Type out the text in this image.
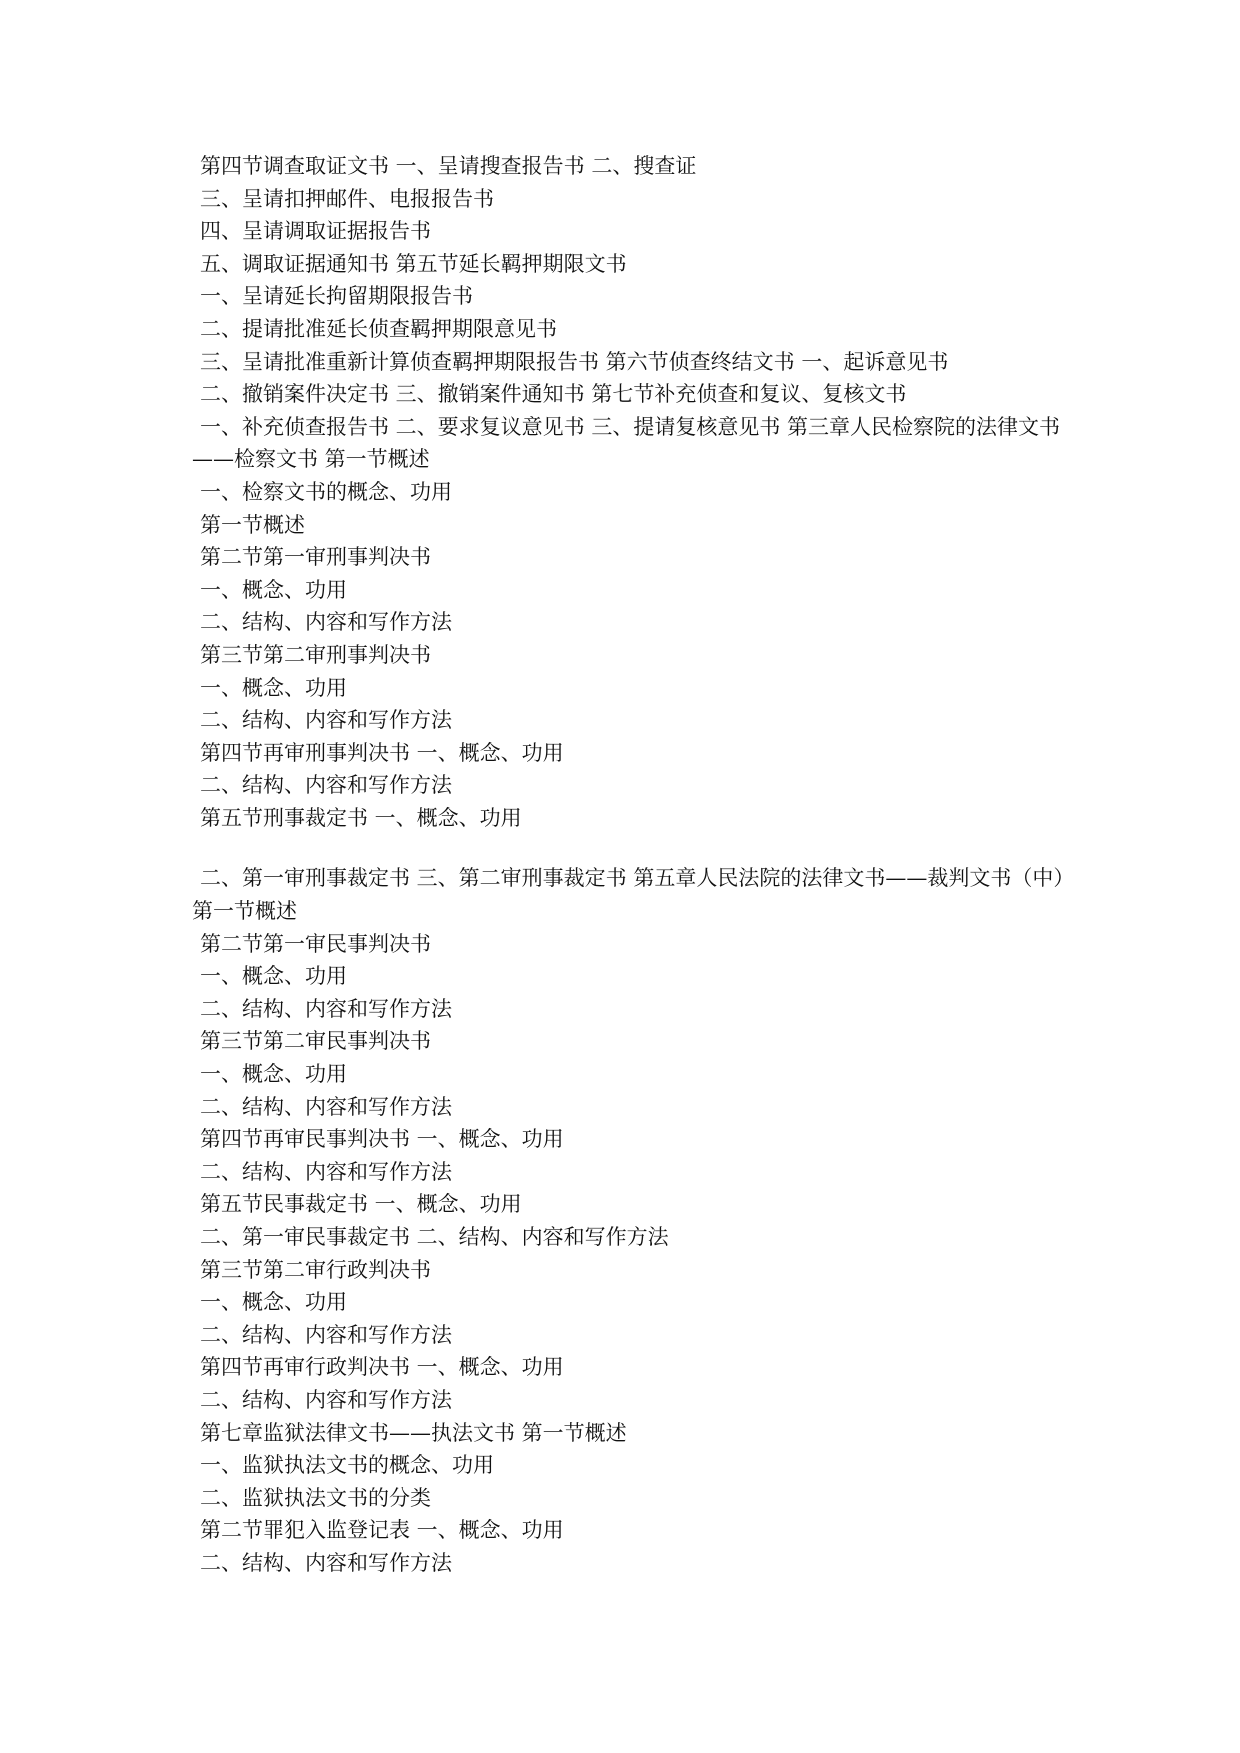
第四节调查取证文书 一、呈请搜查报告书 二、搜查证
三、呈请扣押邮件、电报报告书
四、呈请调取证据报告书
五、调取证据通知书 第五节延长羁押期限文书
一、呈请延长拘留期限报告书
二、提请批准延长侦查羁押期限意见书
三、呈请批准重新计算侦查羁押期限报告书 第六节侦查终结文书 一、起诉意见书
二、撤销案件决定书 三、撤销案件通知书 第七节补充侦查和复议、复核文书
一、补充侦查报告书 二、要求复议意见书 三、提请复核意见书 第三章人民检察院的法律文书——检察文书 第一节概述
一、检察文书的概念、功用
第一节概述
第二节第一审刑事判决书
一、概念、功用
二、结构、内容和写作方法
第三节第二审刑事判决书
一、概念、功用
二、结构、内容和写作方法
第四节再审刑事判决书 一、概念、功用
二、结构、内容和写作方法
第五节刑事裁定书 一、概念、功用
二、第一审刑事裁定书 三、第二审刑事裁定书 第五章人民法院的法律文书——裁判文书（中）第一节概述
第二节第一审民事判决书
一、概念、功用
二、结构、内容和写作方法
第三节第二审民事判决书
一、概念、功用
二、结构、内容和写作方法
第四节再审民事判决书 一、概念、功用
二、结构、内容和写作方法
第五节民事裁定书 一、概念、功用
二、第一审民事裁定书 二、结构、内容和写作方法
第三节第二审行政判决书
一、概念、功用
二、结构、内容和写作方法
第四节再审行政判决书 一、概念、功用
二、结构、内容和写作方法
第七章监狱法律文书——执法文书 第一节概述
一、监狱执法文书的概念、功用
二、监狱执法文书的分类
第二节罪犯入监登记表 一、概念、功用
二、结构、内容和写作方法
